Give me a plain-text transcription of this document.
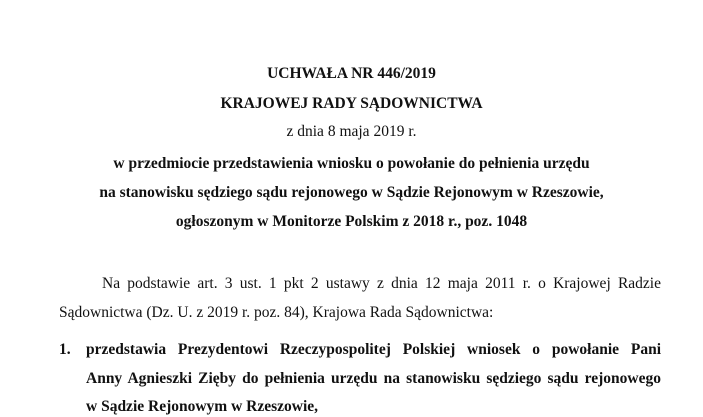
UCHWAŁA NR 446/2019
KRAJOWEJ RADY SĄDOWNICTWA
z dnia 8 maja 2019 r.
w przedmiocie przedstawienia wniosku o powołanie do pełnienia urzędu
na stanowisku sędziego sądu rejonowego w Sądzie Rejonowym w Rzeszowie,
ogłoszonym w Monitorze Polskim z 2018 r., poz. 1048
Na podstawie art. 3 ust. 1 pkt 2 ustawy z dnia 12 maja 2011 r. o Krajowej Radzie
Sądownictwa (Dz. U. z 2019 r. poz. 84), Krajowa Rada Sądownictwa:
1. przedstawia Prezydentowi Rzeczypospolitej Polskiej wniosek o powołanie Pani
Anny Agnieszki Zięby do pełnienia urzędu na stanowisku sędziego sądu rejonowego
w Sądzie Rejonowym w Rzeszowie,
